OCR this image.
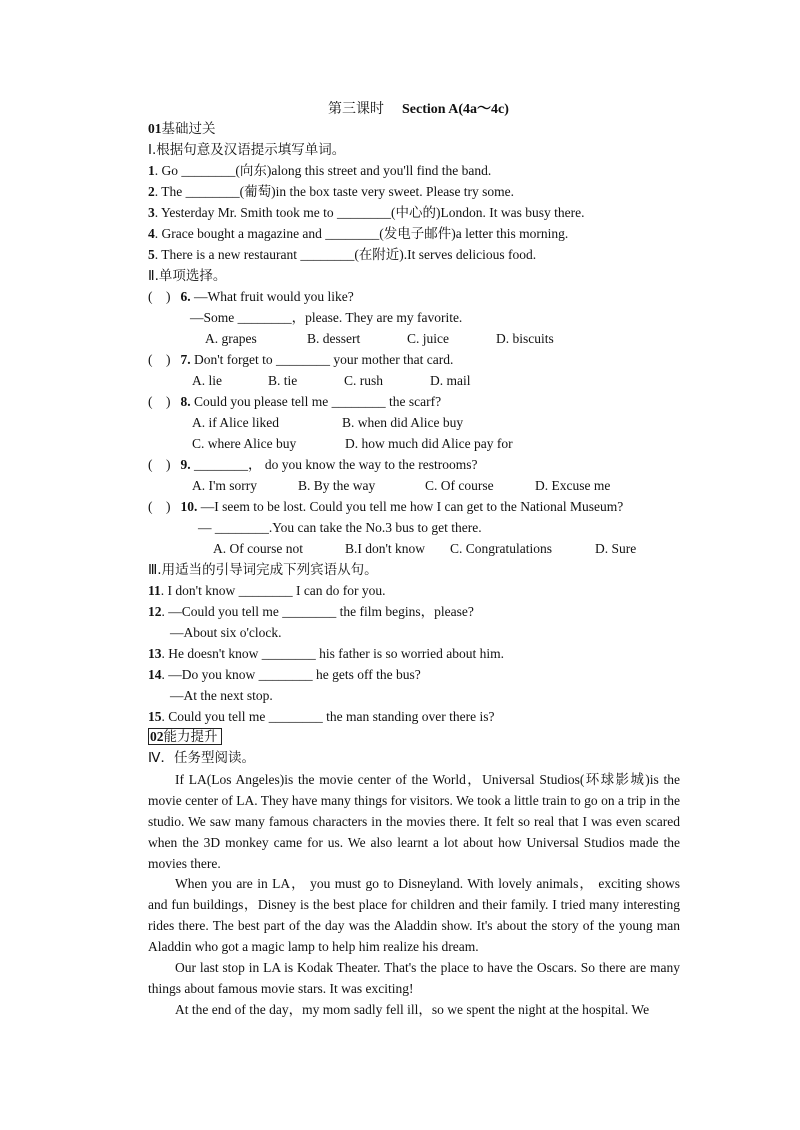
第三课时 Section A(4a～4c)
01基础过关
Ⅰ.根据句意及汉语提示填写单词。
1. Go ________(向东)along this street and you'll find the band.
2. The ________(葡萄)in the box taste very sweet. Please try some.
3. Yesterday Mr. Smith took me to ________(中心的)London. It was busy there.
4. Grace bought a magazine and ________(发电子邮件)a letter this morning.
5. There is a new restaurant ________(在附近).It serves delicious food.
Ⅱ.单项选择。
(　) 6. —What fruit would you like?
—Some ________，please. They are my favorite.
A. grapes	B. dessert	C. juice	D. biscuits
(　) 7. Don't forget to ________ your mother that card.
A. lie	B. tie	C. rush	D. mail
(　) 8. Could you please tell me ________ the scarf?
A. if Alice liked	B. when did Alice buy
C. where Alice buy	D. how much did Alice pay for
(　) 9. ________， do you know the way to the restrooms?
A. I'm sorry	B. By the way	C. Of course	D. Excuse me
(　) 10. —I seem to be lost. Could you tell me how I can get to the National Museum?
— ________.You can take the No.3 bus to get there.
A. Of course not	B.I don't know C. Congratulations	D. Sure
Ⅲ.用适当的引导词完成下列宾语从句。
11. I don't know ________ I can do for you.
12. —Could you tell me ________ the film begins，please?
—About six o'clock.
13. He doesn't know ________ his father is so worried about him.
14. —Do you know ________ he gets off the bus?
—At the next stop.
15. Could you tell me ________ the man standing over there is?
02能力提升
Ⅳ．任务型阅读。
If LA(Los Angeles)is the movie center of the World，Universal Studios(环球影城)is the movie center of LA. They have many things for visitors. We took a little train to go on a trip in the studio. We saw many famous characters in the movies there. It felt so real that I was even scared when the 3D monkey came for us. We also learnt a lot about how Universal Studios made the movies there.
When you are in LA， you must go to Disneyland. With lovely animals， exciting shows and fun buildings，Disney is the best place for children and their family. I tried many interesting rides there. The best part of the day was the Aladdin show. It's about the story of the young man Aladdin who got a magic lamp to help him realize his dream.
Our last stop in LA is Kodak Theater. That's the place to have the Oscars. So there are many things about famous movie stars. It was exciting!
At the end of the day，my mom sadly fell ill，so we spent the night at the hospital. We
